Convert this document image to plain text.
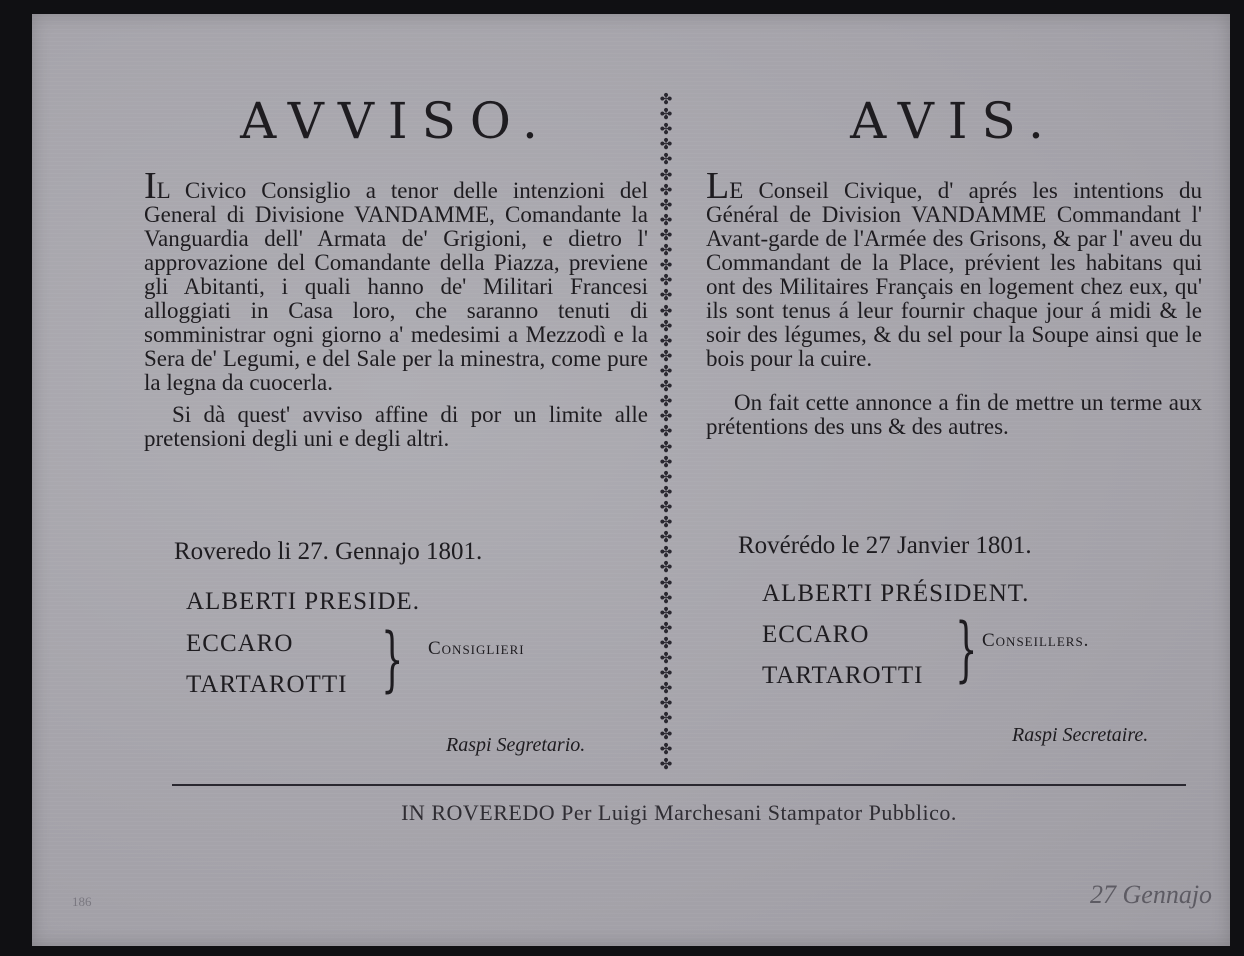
AVVISO.

IL Civico Consiglio a tenor delle intenzioni del General di Divisione VANDAMME, Comandante la Vanguardia dell' Armata de' Grigioni, e dietro l' approvazione del Comandante della Piazza, previene gli Abitanti, i quali hanno de' Militari Francesi alloggiati in Casa loro, che saranno tenuti di somministrar ogni giorno a' medesimi a Mezzodì e la Sera de' Legumi, e del Sale per la minestra, come pure la legna da cuocerla.

Si dà quest' avviso affine di por un limite alle pretensioni degli uni e degli altri.

Roveredo li 27. Gennajo 1801.
ALBERTI PRESIDE.
ECCARO
TARTAROTTI } Consiglieri
Raspi Segretario.
✤
✤
✤
✤
✤
✤
✤
✤
✤
✤
✤
✤
✤
✤
✤
✤
✤
✤
✤
✤
✤
✤
✤
✤
✤
✤
✤
✤
✤
✤
✤
✤
✤
✤
✤
✤
✤
✤
✤
✤
✤
✤
✤
✤
✤
AVIS.

LE Conseil Civique, d' aprés les intentions du Général de Division VANDAMME Commandant l' Avant-garde de l'Armée des Grisons, & par l' aveu du Commandant de la Place, prévient les habitans qui ont des Militaires Français en logement chez eux, qu' ils sont tenus á leur fournir chaque jour á midi & le soir des légumes, & du sel pour la Soupe ainsi que le bois pour la cuire.

On fait cette annonce a fin de mettre un terme aux prétentions des uns & des autres.

Rovérédo le 27 Janvier 1801.
ALBERTI PRÉSIDENT.
ECCARO
TARTAROTTI } Conseillers.
Raspi Secretaire.
IN ROVEREDO Per Luigi Marchesani Stampator Pubblico.
27 Gennajo
186
